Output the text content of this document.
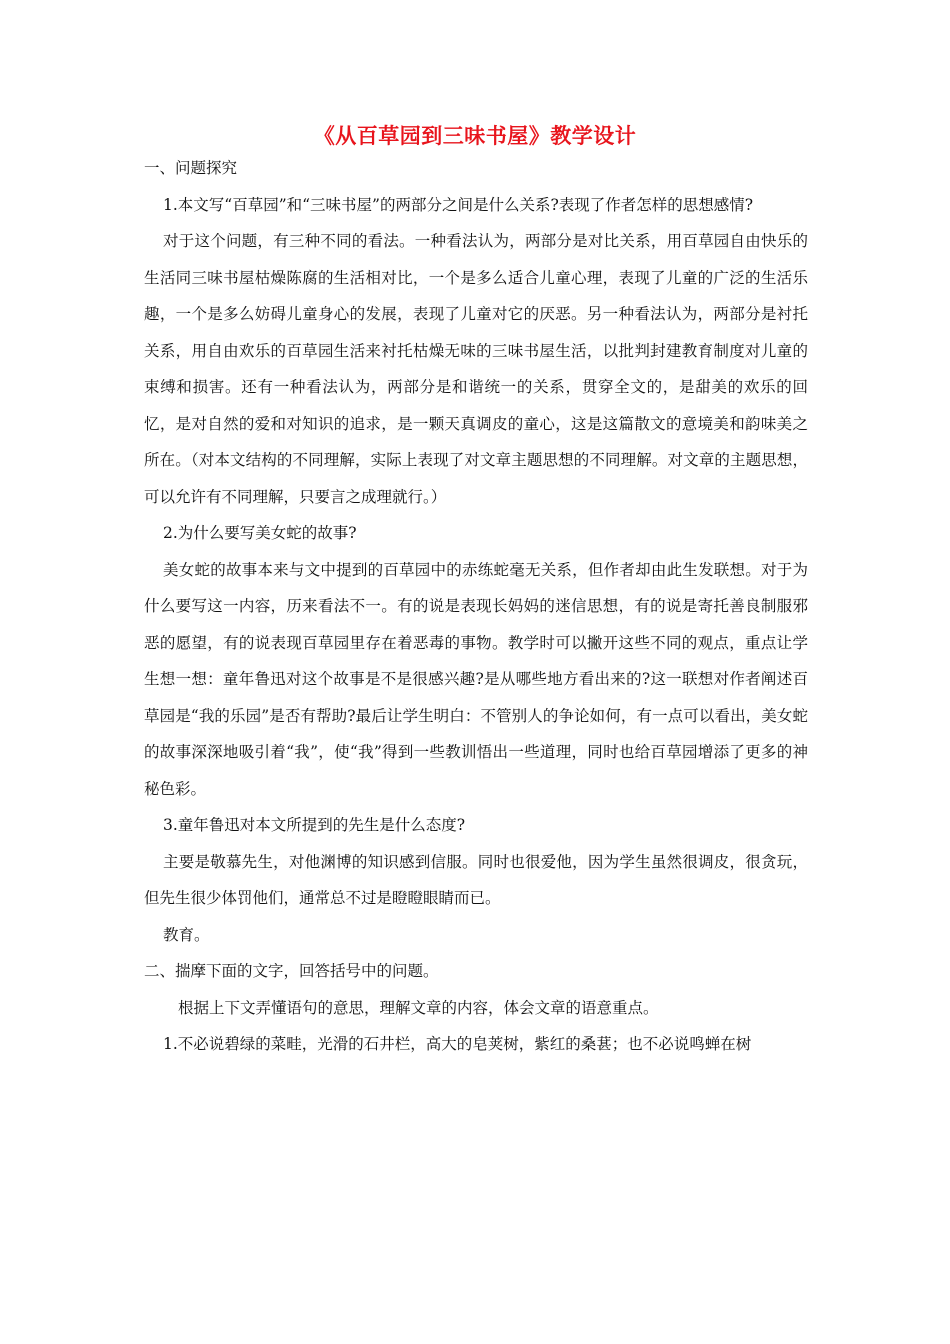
《从百草园到三味书屋》教学设计

一、问题探究

1.本文写“百草园”和“三味书屋”的两部分之间是什么关系?表现了作者怎样的思想感情?

对于这个问题，有三种不同的看法。一种看法认为，两部分是对比关系，用百草园自由快乐的生活同三味书屋枯燥陈腐的生活相对比，一个是多么适合儿童心理，表现了儿童的广泛的生活乐趣，一个是多么妨碍儿童身心的发展，表现了儿童对它的厌恶。另一种看法认为，两部分是衬托关系，用自由欢乐的百草园生活来衬托枯燥无味的三味书屋生活，以批判封建教育制度对儿童的束缚和损害。还有一种看法认为，两部分是和谐统一的关系，贯穿全文的，是甜美的欢乐的回忆，是对自然的爱和对知识的追求，是一颗天真调皮的童心，这是这篇散文的意境美和韵味美之所在。（对本文结构的不同理解，实际上表现了对文章主题思想的不同理解。对文章的主题思想，可以允许有不同理解，只要言之成理就行。）

2.为什么要写美女蛇的故事?

美女蛇的故事本来与文中提到的百草园中的赤练蛇毫无关系，但作者却由此生发联想。对于为什么要写这一内容，历来看法不一。有的说是表现长妈妈的迷信思想，有的说是寄托善良制服邪恶的愿望，有的说表现百草园里存在着恶毒的事物。教学时可以撇开这些不同的观点，重点让学生想一想：童年鲁迅对这个故事是不是很感兴趣?是从哪些地方看出来的?这一联想对作者阐述百草园是“我的乐园”是否有帮助?最后让学生明白：不管别人的争论如何，有一点可以看出，美女蛇的故事深深地吸引着“我”，使“我”得到一些教训悟出一些道理，同时也给百草园增添了更多的神秘色彩。

3.童年鲁迅对本文所提到的先生是什么态度?

主要是敬慕先生，对他渊博的知识感到信服。同时也很爱他，因为学生虽然很调皮，很贪玩，但先生很少体罚他们，通常总不过是瞪瞪眼睛而已。

教育。

二、揣摩下面的文字，回答括号中的问题。

根据上下文弄懂语句的意思，理解文章的内容，体会文章的语意重点。

1.不必说碧绿的菜畦，光滑的石井栏，高大的皂荚树，紫红的桑葚；也不必说鸣蝉在树
